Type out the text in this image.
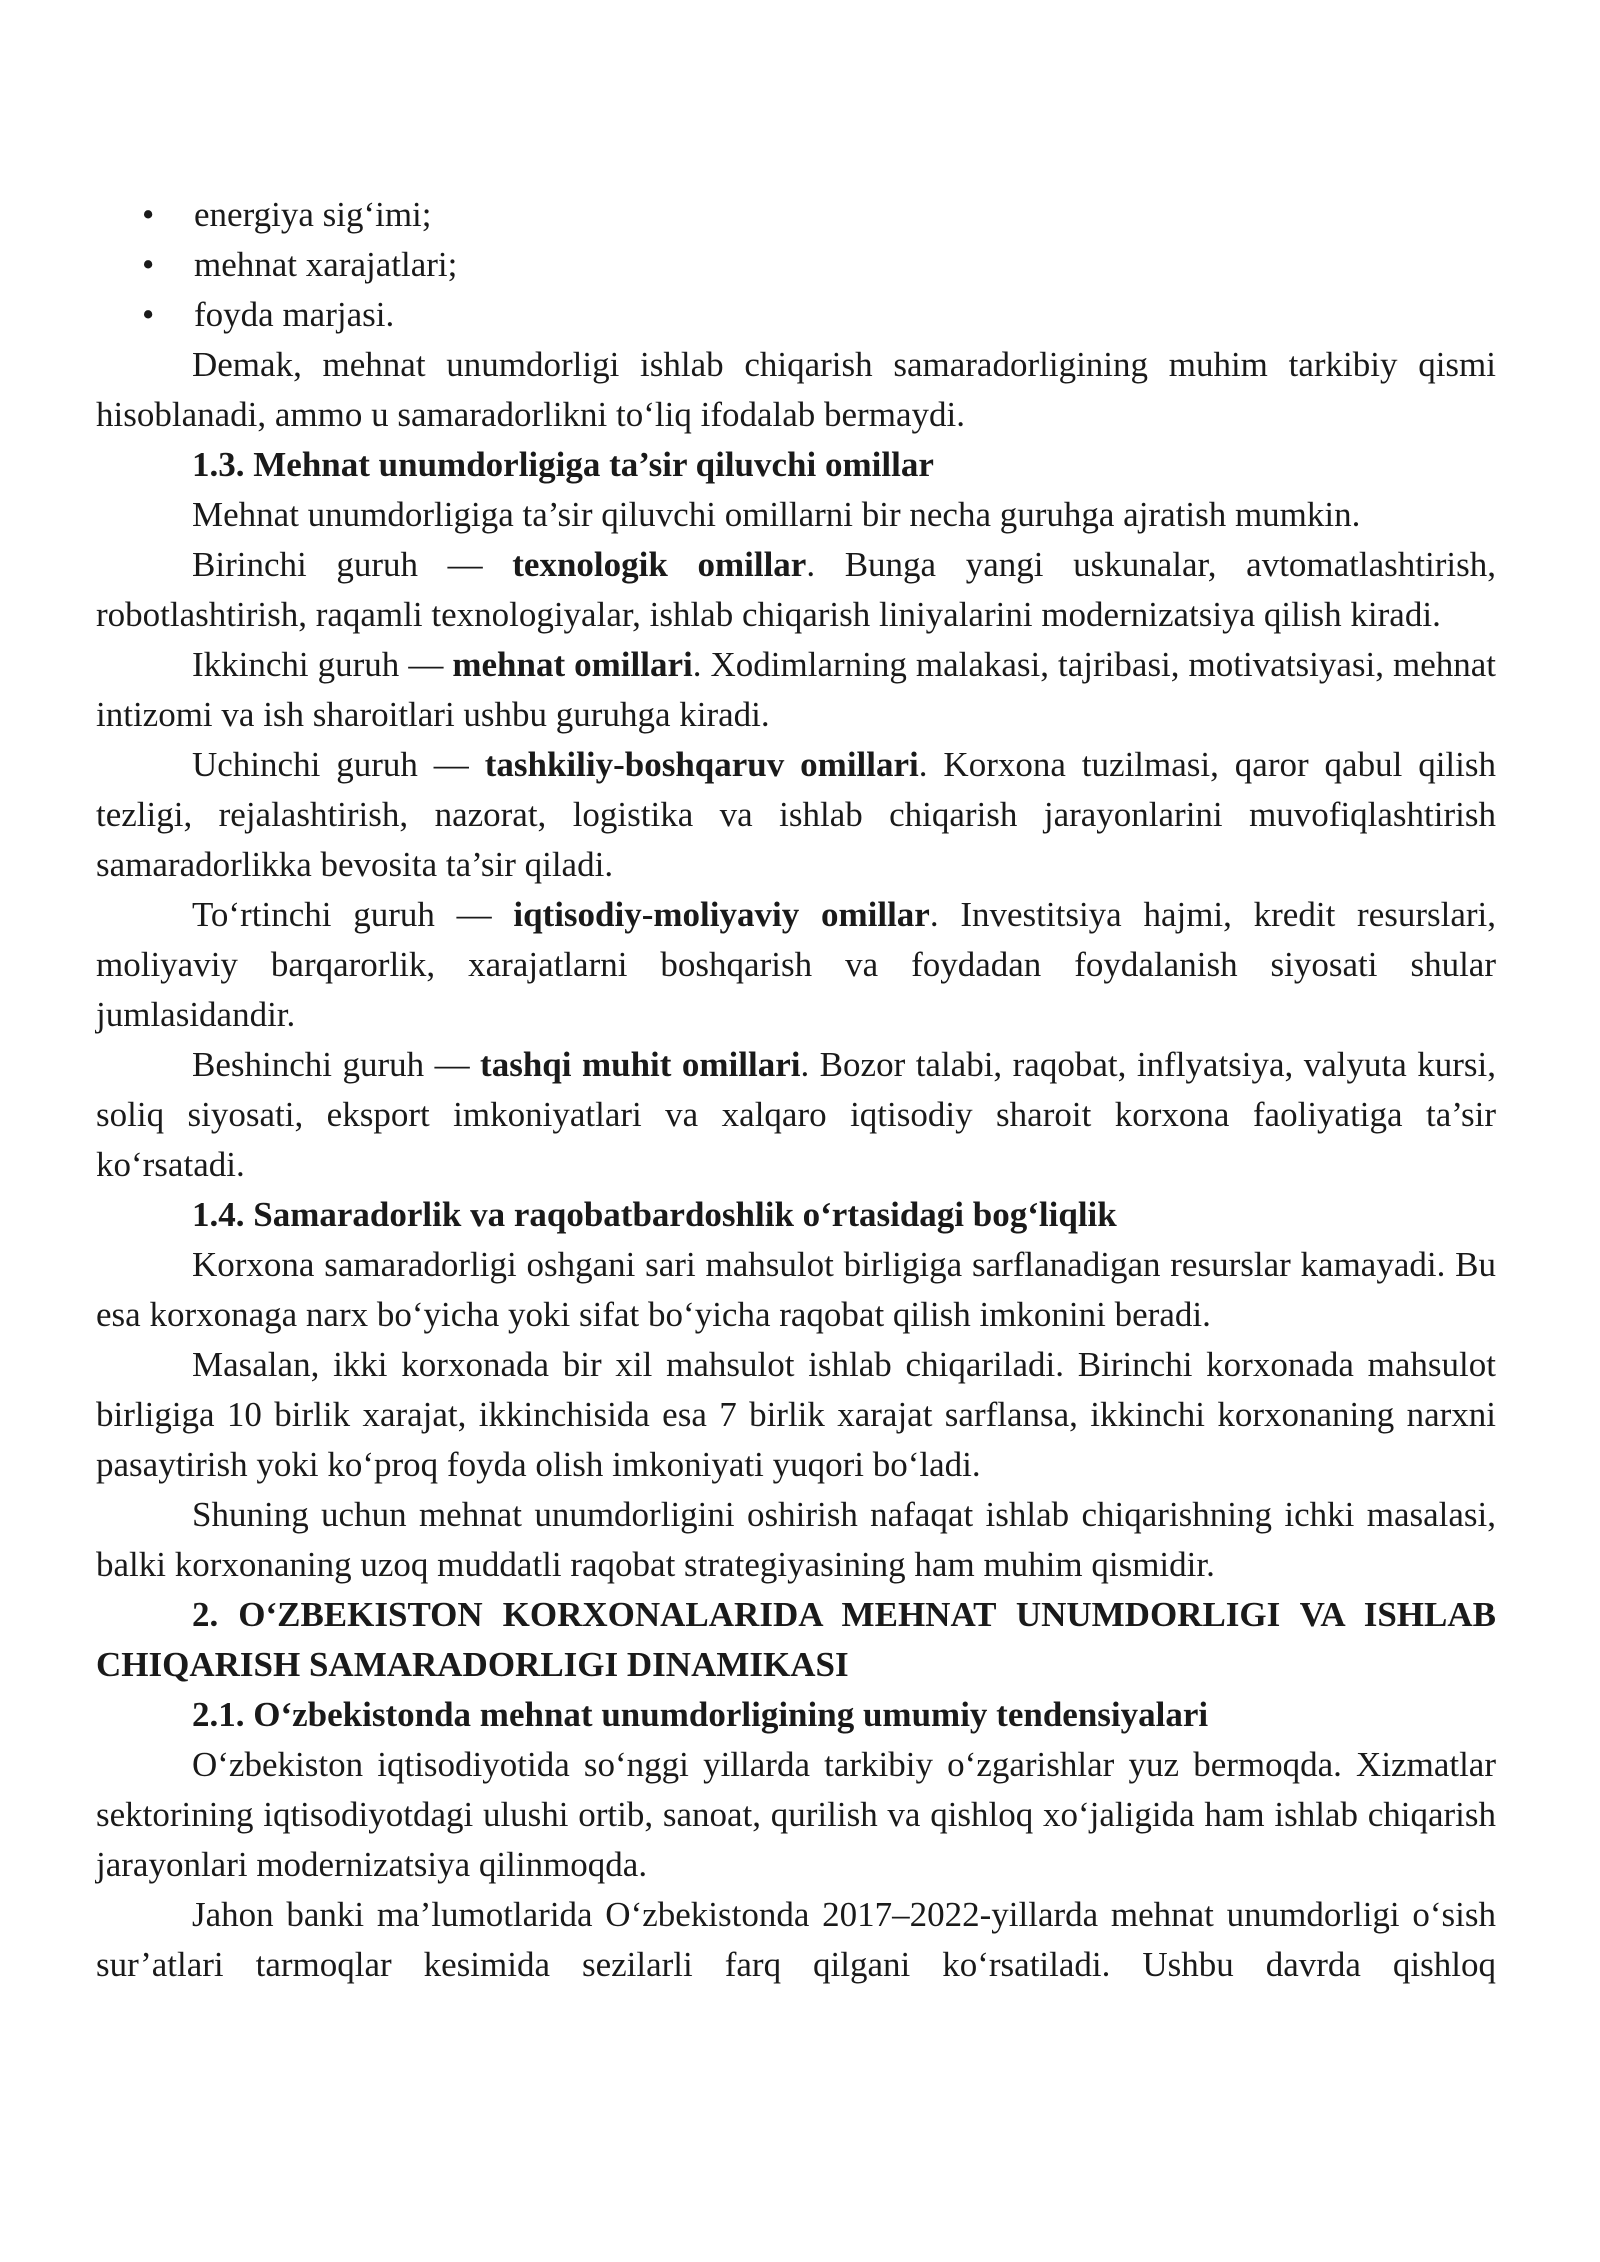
• energiya sig‘imi;
• mehnat xarajatlari;
• foyda marjasi.

Demak, mehnat unumdorligi ishlab chiqarish samaradorligining muhim tarkibiy qismi hisoblanadi, ammo u samaradorlikni to‘liq ifodalab bermaydi.

1.3. Mehnat unumdorligiga ta’sir qiluvchi omillar

Mehnat unumdorligiga ta’sir qiluvchi omillarni bir necha guruhga ajratish mumkin.

Birinchi guruh — texnologik omillar. Bunga yangi uskunalar, avtomatlashtirish, robotlashtirish, raqamli texnologiyalar, ishlab chiqarish liniyalarini modernizatsiya qilish kiradi.

Ikkinchi guruh — mehnat omillari. Xodimlarning malakasi, tajribasi, motivatsiyasi, mehnat intizomi va ish sharoitlari ushbu guruhga kiradi.

Uchinchi guruh — tashkiliy-boshqaruv omillari. Korxona tuzilmasi, qaror qabul qilish tezligi, rejalashtirish, nazorat, logistika va ishlab chiqarish jarayonlarini muvofiqlashtirish samaradorlikka bevosita ta’sir qiladi.

To‘rtinchi guruh — iqtisodiy-moliyaviy omillar. Investitsiya hajmi, kredit resurslari, moliyaviy barqarorlik, xarajatlarni boshqarish va foydadan foydalanish siyosati shular jumlasidandir.

Beshinchi guruh — tashqi muhit omillari. Bozor talabi, raqobat, inflyatsiya, valyuta kursi, soliq siyosati, eksport imkoniyatlari va xalqaro iqtisodiy sharoit korxona faoliyatiga ta’sir ko‘rsatadi.

1.4. Samaradorlik va raqobatbardoshlik o‘rtasidagi bog‘liqlik

Korxona samaradorligi oshgani sari mahsulot birligiga sarflanadigan resurslar kamayadi. Bu esa korxonaga narx bo‘yicha yoki sifat bo‘yicha raqobat qilish imkonini beradi.

Masalan, ikki korxonada bir xil mahsulot ishlab chiqariladi. Birinchi korxonada mahsulot birligiga 10 birlik xarajat, ikkinchisida esa 7 birlik xarajat sarflansa, ikkinchi korxonaning narxni pasaytirish yoki ko‘proq foyda olish imkoniyati yuqori bo‘ladi.

Shuning uchun mehnat unumdorligini oshirish nafaqat ishlab chiqarishning ichki masalasi, balki korxonaning uzoq muddatli raqobat strategiyasining ham muhim qismidir.

2. O‘ZBEKISTON KORXONALARIDA MEHNAT UNUMDORLIGI VA ISHLAB CHIQARISH SAMARADORLIGI DINAMIKASI
2.1. O‘zbekistonda mehnat unumdorligining umumiy tendensiyalari

O‘zbekiston iqtisodiyotida so‘nggi yillarda tarkibiy o‘zgarishlar yuz bermoqda. Xizmatlar sektorining iqtisodiyotdagi ulushi ortib, sanoat, qurilish va qishloq xo‘jaligida ham ishlab chiqarish jarayonlari modernizatsiya qilinmoqda.

Jahon banki ma’lumotlarida O‘zbekistonda 2017–2022-yillarda mehnat unumdorligi o‘sish sur’atlari tarmoqlar kesimida sezilarli farq qilgani ko‘rsatiladi. Ushbu davrda qishloq
